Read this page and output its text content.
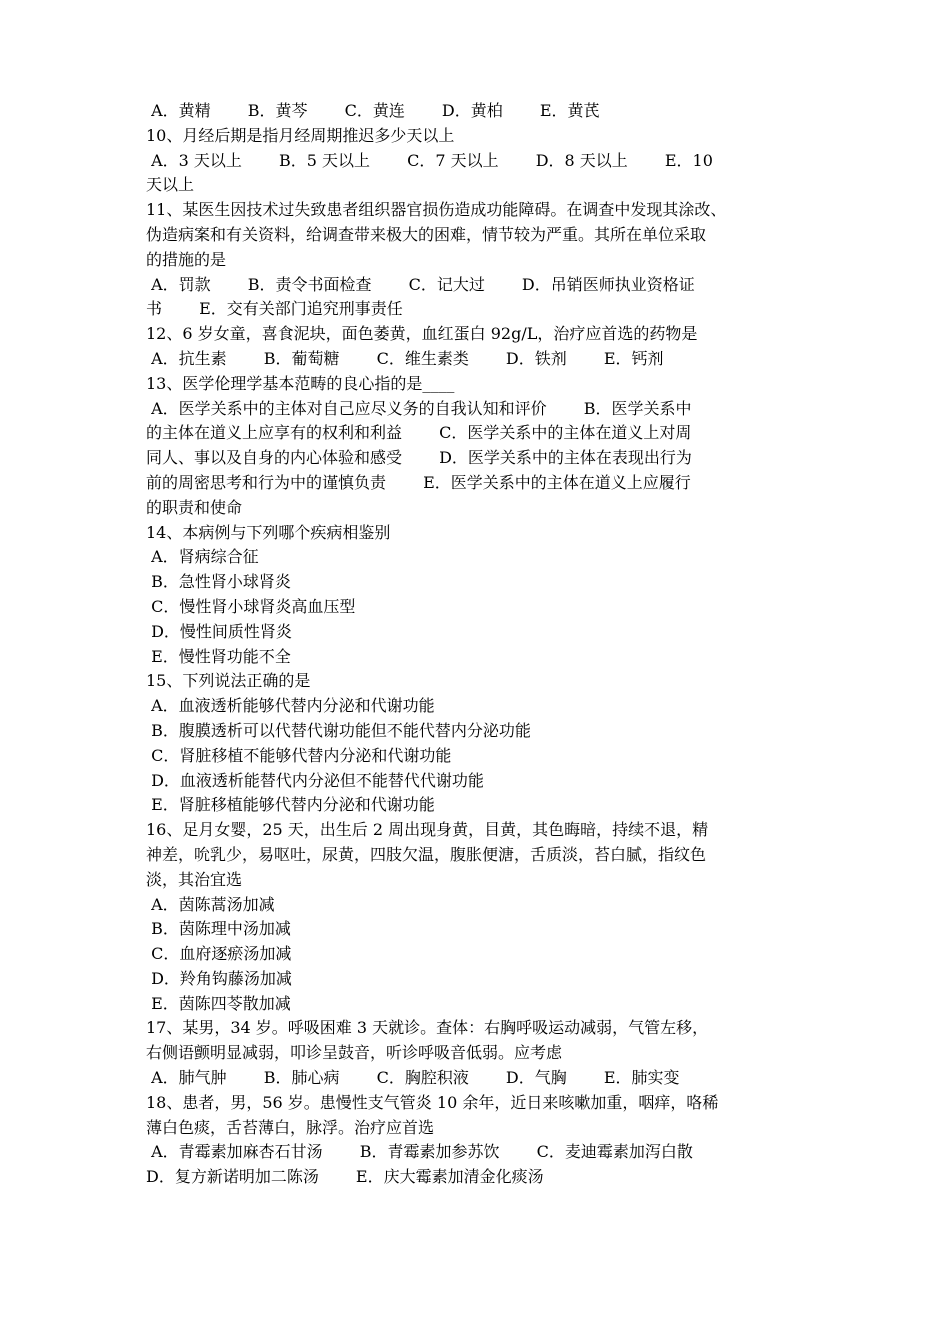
A．黄精　　 B．黄芩　　 C．黄连　　 D．黄柏　　 E．黄芪
10、月经后期是指月经周期推迟多少天以上
A．3 天以上　　 B．5 天以上　　 C．7 天以上　　 D．8 天以上　　 E．10
天以上
11、某医生因技术过失致患者组织器官损伤造成功能障碍。在调查中发现其涂改、
伪造病案和有关资料，给调查带来极大的困难，情节较为严重。其所在单位采取
的措施的是
A．罚款　　 B．责令书面检查　　 C．记大过　　 D．吊销医师执业资格证
书　　 E．交有关部门追究刑事责任
12、6 岁女童，喜食泥块，面色萎黄，血红蛋白 92g/L，治疗应首选的药物是
A．抗生素　　 B．葡萄糖　　 C．维生素类　　 D．铁剂　　 E．钙剂
13、医学伦理学基本范畴的良心指的是____
A．医学关系中的主体对自己应尽义务的自我认知和评价　　 B．医学关系中
的主体在道义上应享有的权利和利益　　 C．医学关系中的主体在道义上对周
同人、事以及自身的内心体验和感受　　 D．医学关系中的主体在表现出行为
前的周密思考和行为中的谨慎负责　　 E．医学关系中的主体在道义上应履行
的职责和使命
14、本病例与下列哪个疾病相鉴别
A．肾病综合征
B．急性肾小球肾炎
C．慢性肾小球肾炎高血压型
D．慢性间质性肾炎
E．慢性肾功能不全
15、下列说法正确的是
A．血液透析能够代替内分泌和代谢功能
B．腹膜透析可以代替代谢功能但不能代替内分泌功能
C．肾脏移植不能够代替内分泌和代谢功能
D．血液透析能替代内分泌但不能替代代谢功能
E．肾脏移植能够代替内分泌和代谢功能
16、足月女婴，25 天，出生后 2 周出现身黄，目黄，其色晦暗，持续不退，精
神差，吮乳少，易呕吐，尿黄，四肢欠温，腹胀便溏，舌质淡，苔白腻，指纹色
淡，其治宜选
A．茵陈蒿汤加减
B．茵陈理中汤加减
C．血府逐瘀汤加减
D．羚角钩藤汤加减
E．茵陈四苓散加减
17、某男，34 岁。呼吸困难 3 天就诊。查体：右胸呼吸运动减弱，气管左移，
右侧语颤明显减弱，叩诊呈鼓音，听诊呼吸音低弱。应考虑
A．肺气肿　　 B．肺心病　　 C．胸腔积液　　 D．气胸　　 E．肺实变
18、患者，男，56 岁。患慢性支气管炎 10 余年，近日来咳嗽加重，咽痒，咯稀
薄白色痰，舌苔薄白，脉浮。治疗应首选
A．青霉素加麻杏石甘汤　　 B．青霉素加参苏饮　　 C．麦迪霉素加泻白散
D．复方新诺明加二陈汤　　 E．庆大霉素加清金化痰汤
